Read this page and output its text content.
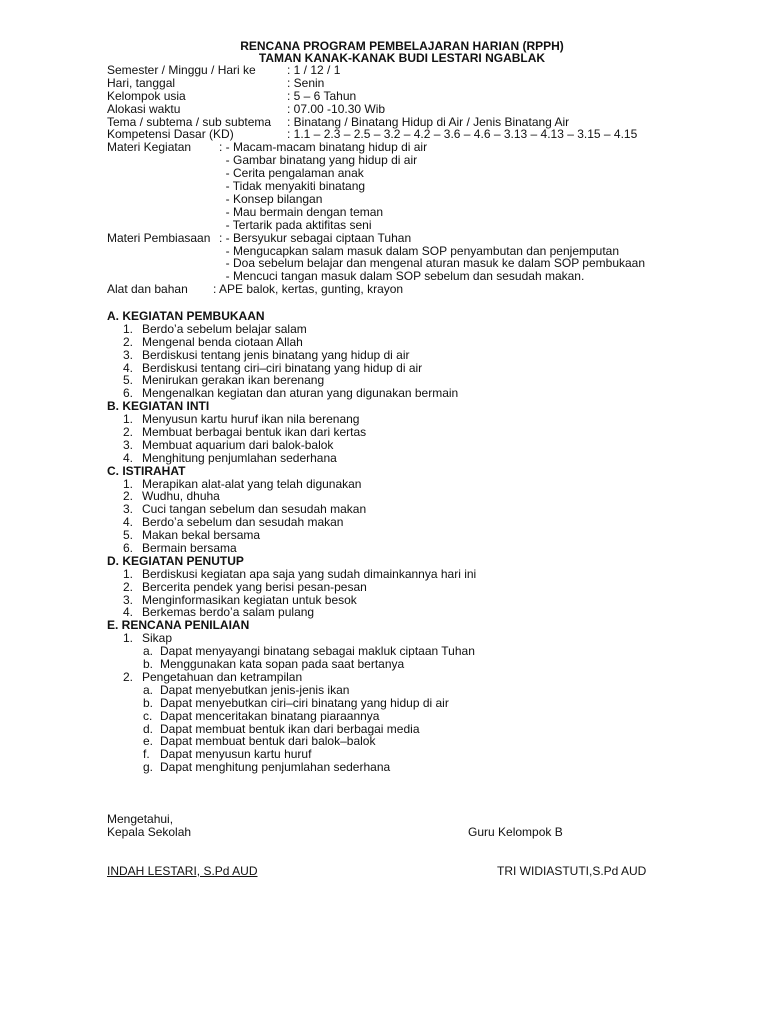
RENCANA PROGRAM PEMBELAJARAN HARIAN (RPPH)
TAMAN KANAK-KANAK BUDI LESTARI NGABLAK
Semester / Minggu / Hari ke	: 1 / 12 / 1
Hari, tanggal	: Senin
Kelompok usia	: 5 – 6 Tahun
Alokasi waktu	: 07.00 -10.30 Wib
Tema / subtema / sub subtema : Binatang / Binatang Hidup di Air / Jenis Binatang Air
Kompetensi Dasar (KD)	: 1.1 – 2.3 – 2.5 – 3.2 – 4.2 – 3.6 – 4.6 – 3.13 – 4.13 – 3.15 – 4.15
Materi Kegiatan : - Macam-macam binatang hidup di air
- Gambar binatang yang hidup di air
- Cerita pengalaman anak
- Tidak menyakiti binatang
- Konsep bilangan
- Mau bermain dengan teman
- Tertarik pada aktifitas seni
Materi Pembiasaan : - Bersyukur sebagai ciptaan Tuhan
- Mengucapkan salam masuk dalam SOP penyambutan dan penjemputan
- Doa sebelum belajar dan mengenal aturan masuk ke dalam SOP pembukaan
- Mencuci tangan masuk dalam SOP sebelum dan sesudah makan.
Alat dan bahan : APE balok, kertas, gunting, krayon
A. KEGIATAN PEMBUKAAN
1. Berdo’a sebelum belajar salam
2. Mengenal benda ciotaan Allah
3. Berdiskusi tentang jenis binatang yang hidup di air
4. Berdiskusi tentang ciri–ciri binatang yang hidup di air
5. Menirukan gerakan ikan berenang
6. Mengenalkan kegiatan dan aturan yang digunakan bermain
B. KEGIATAN INTI
1. Menyusun kartu huruf ikan nila berenang
2. Membuat berbagai bentuk ikan dari kertas
3. Membuat aquarium dari balok-balok
4. Menghitung penjumlahan sederhana
C. ISTIRAHAT
1. Merapikan alat-alat yang telah digunakan
2. Wudhu, dhuha
3. Cuci tangan sebelum dan sesudah makan
4. Berdo’a sebelum dan sesudah makan
5. Makan bekal bersama
6. Bermain bersama
D. KEGIATAN PENUTUP
1. Berdiskusi kegiatan apa saja yang sudah dimainkannya hari ini
2. Bercerita pendek yang berisi pesan-pesan
3. Menginformasikan kegiatan untuk besok
4. Berkemas berdo’a salam pulang
E. RENCANA PENILAIAN
1. Sikap
a. Dapat menyayangi binatang sebagai makluk ciptaan Tuhan
b. Menggunakan kata sopan pada saat bertanya
2. Pengetahuan dan ketrampilan
a. Dapat menyebutkan jenis-jenis ikan
b. Dapat menyebutkan ciri–ciri binatang yang hidup di air
c. Dapat menceritakan binatang piaraannya
d. Dapat membuat bentuk ikan dari berbagai media
e. Dapat membuat bentuk dari balok–balok
f. Dapat menyusun kartu huruf
g. Dapat menghitung penjumlahan sederhana
Mengetahui,
Kepala Sekolah	Guru Kelompok B
INDAH LESTARI, S.Pd AUD	TRI WIDIASTUTI,S.Pd AUD
